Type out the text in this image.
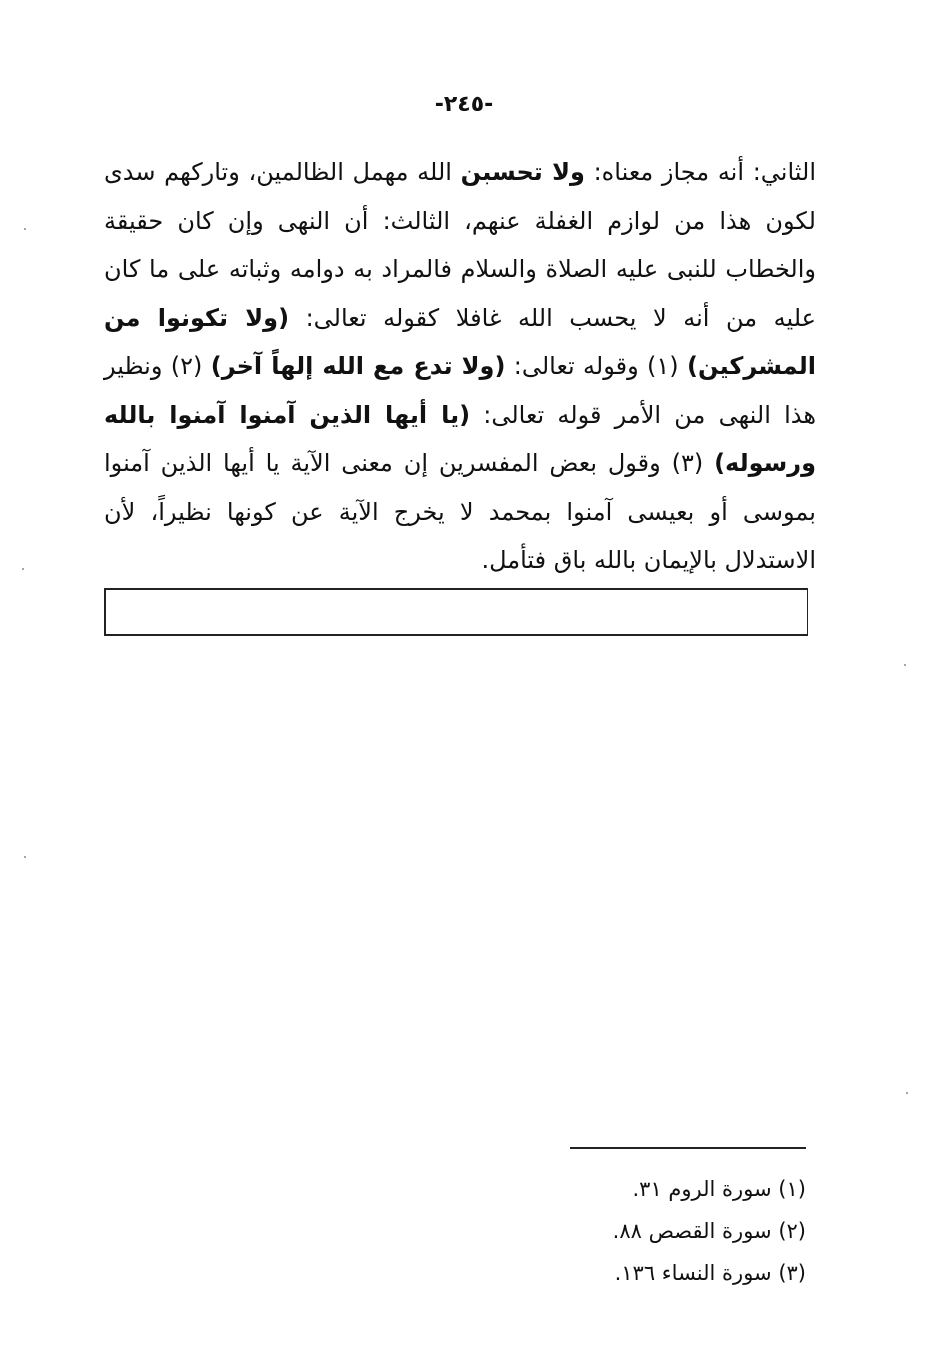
-٢٤٥-
الثاني: أنه مجاز معناه: ولا تحسبن الله مهمل الظالمين، وتاركهم سدى لكون هذا من لوازم الغفلة عنهم، الثالث: أن النهى وإن كان حقيقة والخطاب للنبى عليه الصلاة والسلام فالمراد به دوامه وثباته على ما كان عليه من أنه لا يحسب الله غافلا كقوله تعالى: (ولا تكونوا من المشركين) (١) وقوله تعالى: (ولا تدع مع الله إلهاً آخر) (٢) ونظير هذا النهى من الأمر قوله تعالى: (يا أيها الذين آمنوا آمنوا بالله ورسوله) (٣) وقول بعض المفسرين إن معنى الآية يا أيها الذين آمنوا بموسى أو بعيسى آمنوا بمحمد لا يخرج الآية عن كونها نظيراً، لأن الاستدلال بالإيمان بالله باق فتأمل.
(١) سورة الروم ٣١.
(٢) سورة القصص ٨٨.
(٣) سورة النساء ١٣٦.
